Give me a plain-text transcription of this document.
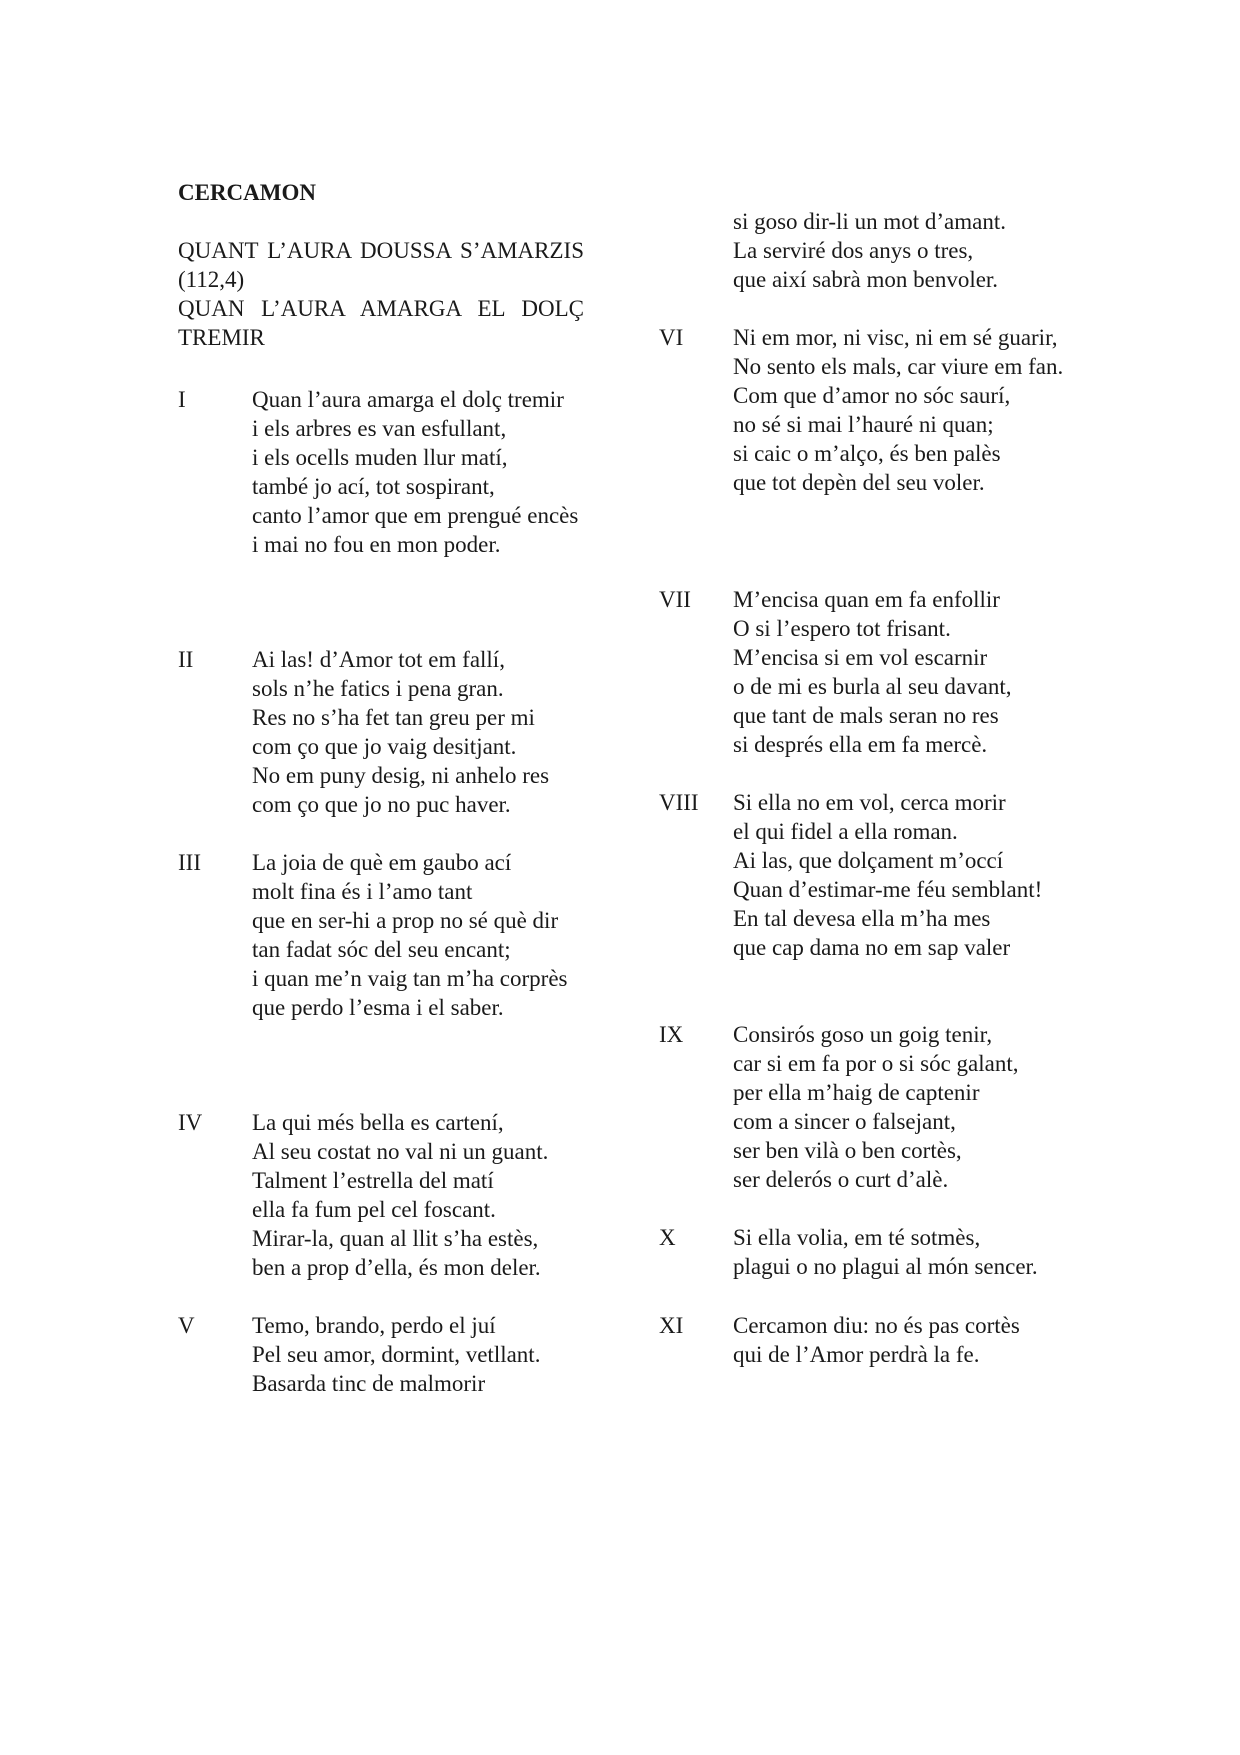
CERCAMON
QUANT L’AURA DOUSSA S’AMARZIS (112,4)
QUAN L’AURA AMARGA EL DOLÇ TREMIR
I	Quan l’aura amarga el dolç tremir
i els arbres es van esfullant,
i els ocells muden llur matí,
també jo ací, tot sospirant,
canto l’amor que em prengué encès
i mai no fou en mon poder.
II	Ai las! d’Amor tot em fallí,
sols n’he fatics i pena gran.
Res no s’ha fet tan greu per mi
com ço que jo vaig desitjant.
No em puny desig, ni anhelo res
com ço que jo no puc haver.
III La joia de què em gaubo ací
molt fina és i l’amo tant
que en ser-hi a prop no sé què dir
tan fadat sóc del seu encant;
i quan me’n vaig tan m’ha corprès
que perdo l’esma i el saber.
IV La qui més bella es cartení,
Al seu costat no val ni un guant.
Talment l’estrella del matí
ella fa fum pel cel foscant.
Mirar-la, quan al llit s’ha estès,
ben a prop d’ella, és mon deler.
V Temo, brando, perdo el juí
Pel seu amor, dormint, vetllant.
Basarda tinc de malmorir
si goso dir-li un mot d’amant.
La serviré dos anys o tres,
que així sabrà mon benvoler.
VI Ni em mor, ni visc, ni em sé guarir,
No sento els mals, car viure em fan.
Com que d’amor no sóc saurí,
no sé si mai l’hauré ni quan;
si caic o m’alço, és ben palès
que tot depèn del seu voler.
VII M’encisa quan em fa enfollir
O si l’espero tot frisant.
M’encisa si em vol escarnir
o de mi es burla al seu davant,
que tant de mals seran no res
si després ella em fa mercè.
VIII Si ella no em vol, cerca morir
el qui fidel a ella roman.
Ai las, que dolçament m’occí
Quan d’estimar-me féu semblant!
En tal devesa ella m’ha mes
que cap dama no em sap valer
IX Consirós goso un goig tenir,
car si em fa por o si sóc galant,
per ella m’haig de captenir
com a sincer o falsejant,
ser ben vilà o ben cortès,
ser delerós o curt d’alè.
X Si ella volia, em té sotmès,
plagui o no plagui al món sencer.
XI Cercamon diu: no és pas cortès
qui de l’Amor perdrà la fe.
